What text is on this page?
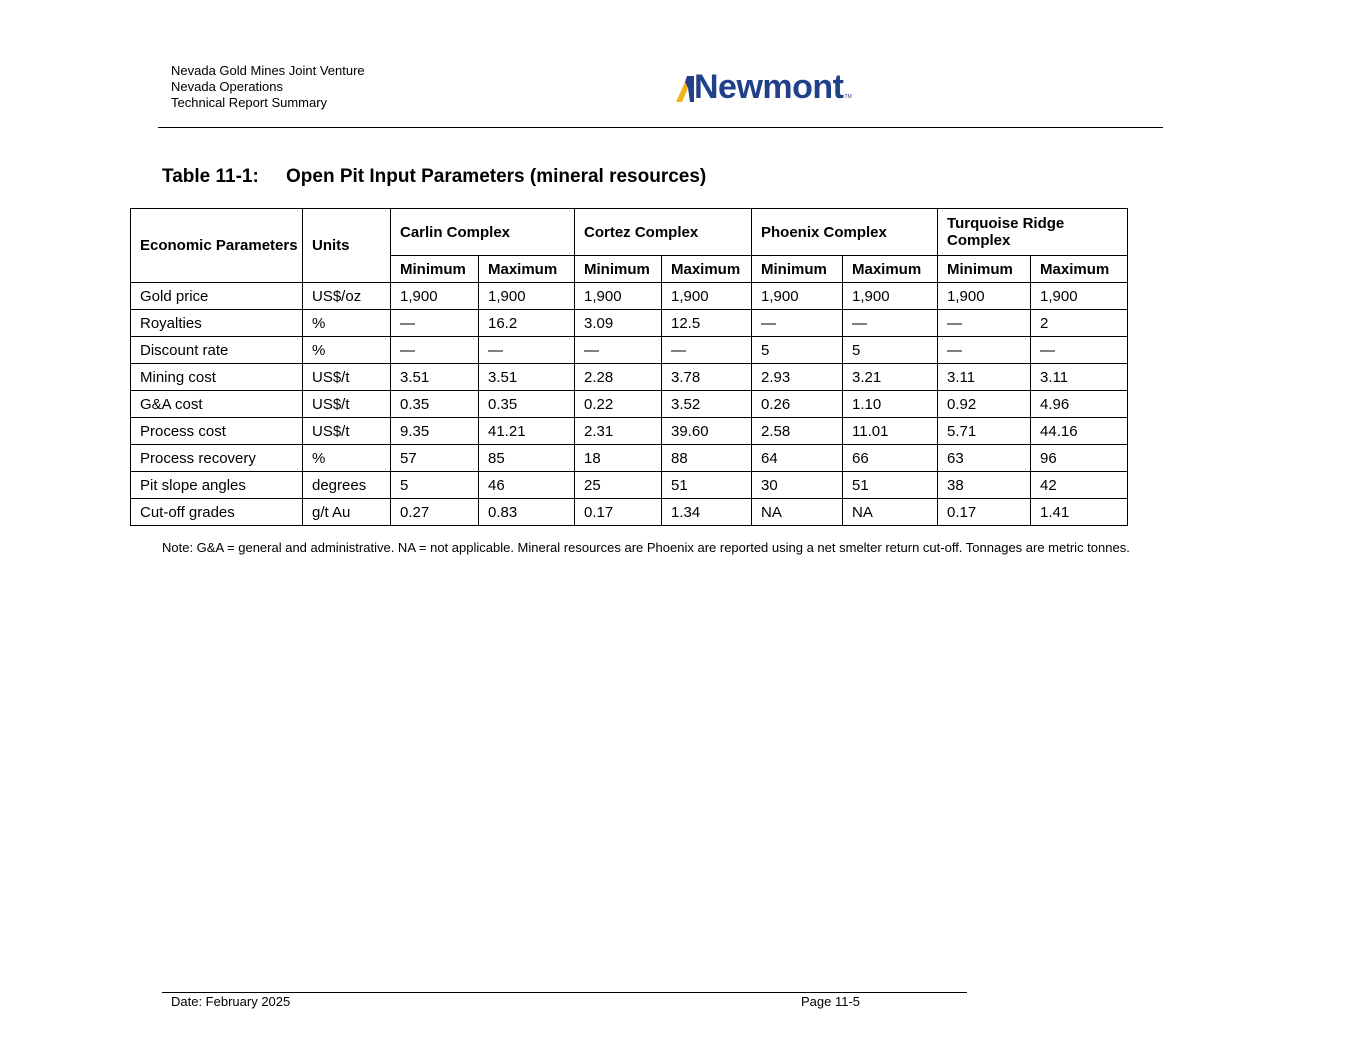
Nevada Gold Mines Joint Venture
Nevada Operations
Technical Report Summary	Newmont TM
Table 11-1: Open Pit Input Parameters (mineral resources)
Economic Parameters	Units	Carlin Complex		Cortez Complex		Phoenix Complex		Turquoise Ridge Complex	
		Minimum	Maximum	Minimum	Maximum	Minimum	Maximum	Minimum	Maximum
Gold price	US$/oz	1,900	1,900	1,900	1,900	1,900	1,900	1,900	1,900
Royalties	%	—	16.2	3.09	12.5	—	—	—	2
Discount rate	%	—	—	—	—	5	5	—	—
Mining cost	US$/t	3.51	3.51	2.28	3.78	2.93	3.21	3.11	3.11
G&A cost	US$/t	0.35	0.35	0.22	3.52	0.26	1.10	0.92	4.96
Process cost	US$/t	9.35	41.21	2.31	39.60	2.58	11.01	5.71	44.16
Process recovery	%	57	85	18	88	64	66	63	96
Pit slope angles	degrees	5	46	25	51	30	51	38	42
Cut-off grades	g/t Au	0.27	0.83	0.17	1.34	NA	NA	0.17	1.41
Note: G&A = general and administrative. NA = not applicable. Mineral resources are Phoenix are reported using a net smelter return cut-off. Tonnages are metric tonnes.
Date: February 2025	Page 11-5
